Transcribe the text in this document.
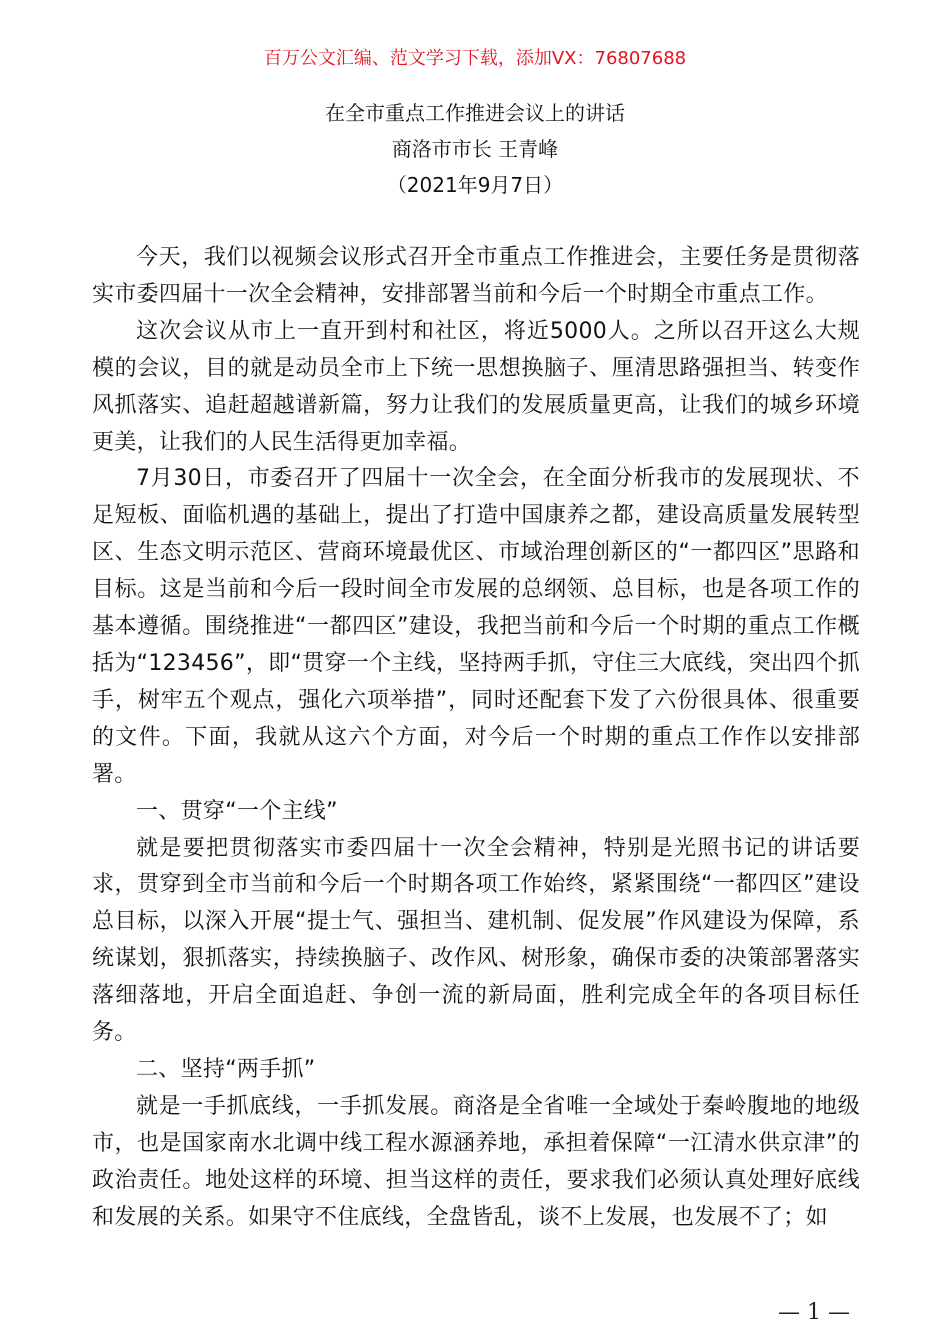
百万公文汇编、范文学习下载，添加VX：76807688
在全市重点工作推进会议上的讲话
商洛市市长 王青峰
（2021年9月7日）

今天，我们以视频会议形式召开全市重点工作推进会，主要任务是贯彻落实市委四届十一次全会精神，安排部署当前和今后一个时期全市重点工作。

这次会议从市上一直开到村和社区，将近5000人。之所以召开这么大规模的会议，目的就是动员全市上下统一思想换脑子、厘清思路强担当、转变作风抓落实、追赶超越谱新篇，努力让我们的发展质量更高，让我们的城乡环境更美，让我们的人民生活得更加幸福。

7月30日，市委召开了四届十一次全会，在全面分析我市的发展现状、不足短板、面临机遇的基础上，提出了打造中国康养之都，建设高质量发展转型区、生态文明示范区、营商环境最优区、市域治理创新区的“一都四区”思路和目标。这是当前和今后一段时间全市发展的总纲领、总目标，也是各项工作的基本遵循。围绕推进“一都四区”建设，我把当前和今后一个时期的重点工作概括为“123456”，即“贯穿一个主线，坚持两手抓，守住三大底线，突出四个抓手，树牢五个观点，强化六项举措”，同时还配套下发了六份很具体、很重要的文件。下面，我就从这六个方面，对今后一个时期的重点工作作以安排部署。

一、贯穿“一个主线”

就是要把贯彻落实市委四届十一次全会精神，特别是光照书记的讲话要求，贯穿到全市当前和今后一个时期各项工作始终，紧紧围绕“一都四区”建设总目标，以深入开展“提士气、强担当、建机制、促发展”作风建设为保障，系统谋划，狠抓落实，持续换脑子、改作风、树形象，确保市委的决策部署落实落细落地，开启全面追赶、争创一流的新局面，胜利完成全年的各项目标任务。

二、坚持“两手抓”

就是一手抓底线，一手抓发展。商洛是全省唯一全域处于秦岭腹地的地级市，也是国家南水北调中线工程水源涵养地，承担着保障“一江清水供京津”的政治责任。地处这样的环境、担当这样的责任，要求我们必须认真处理好底线和发展的关系。如果守不住底线，全盘皆乱，谈不上发展，也发展不了；如

— 1 —
